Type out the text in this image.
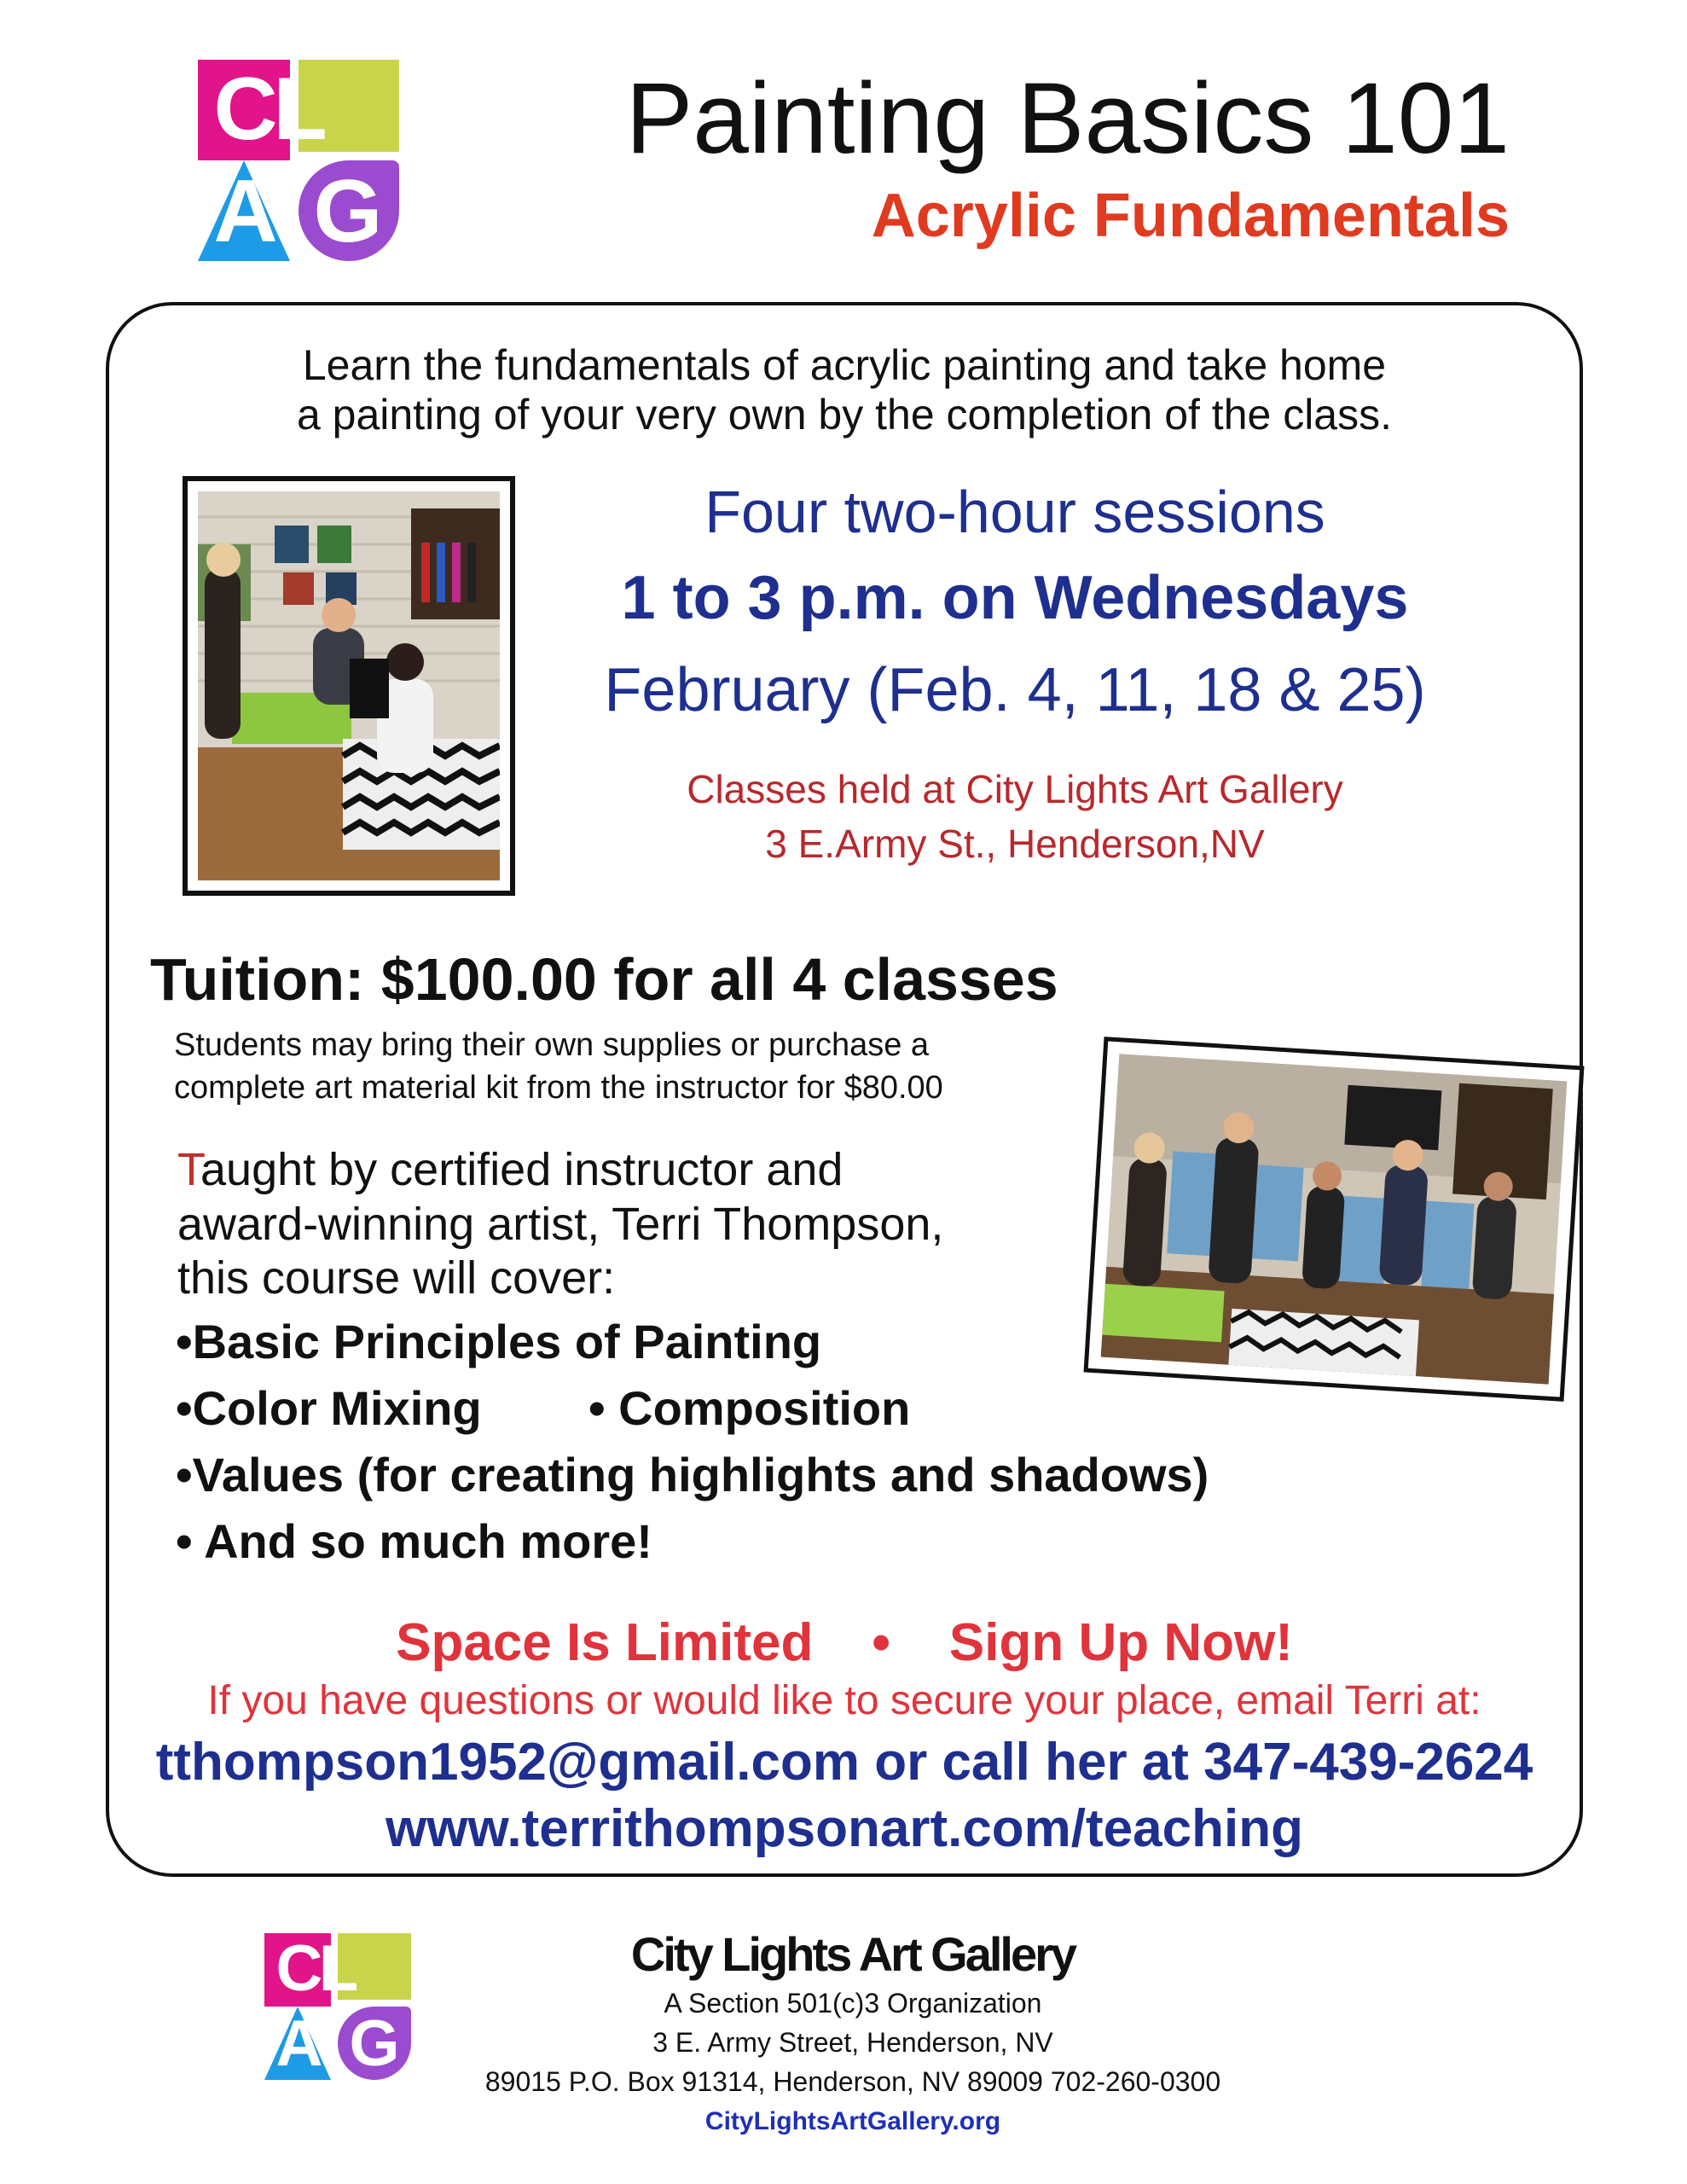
C
L
A G
Painting Basics 101
Acrylic Fundamentals
Learn the fundamentals of acrylic painting and take home
a painting of your very own by the completion of the class.
Four two-hour sessions
1 to 3 p.m. on Wednesdays
February (Feb. 4, 11, 18 & 25)
Classes held at City Lights Art Gallery
3 E.Army St., Henderson,NV
Tuition: $100.00 for all 4 classes
Students may bring their own supplies or purchase a
complete art material kit from the instructor for $80.00
Taught by certified instructor and
award-winning artist, Terri Thompson,
this course will cover:
•Basic Principles of Painting
•Color Mixing • Composition
•Values (for creating highlights and shadows)
• And so much more!
Space Is Limited • Sign Up Now!
If you have questions or would like to secure your place, email Terri at:
tthompson1952@gmail.com or call her at 347-439-2624
www.territhompsonart.com/teaching
C
L
A G
City Lights Art Gallery
A Section 501(c)3 Organization
3 E. Army Street, Henderson, NV
89015 P.O. Box 91314, Henderson, NV 89009 702-260-0300
CityLightsArtGallery.org
